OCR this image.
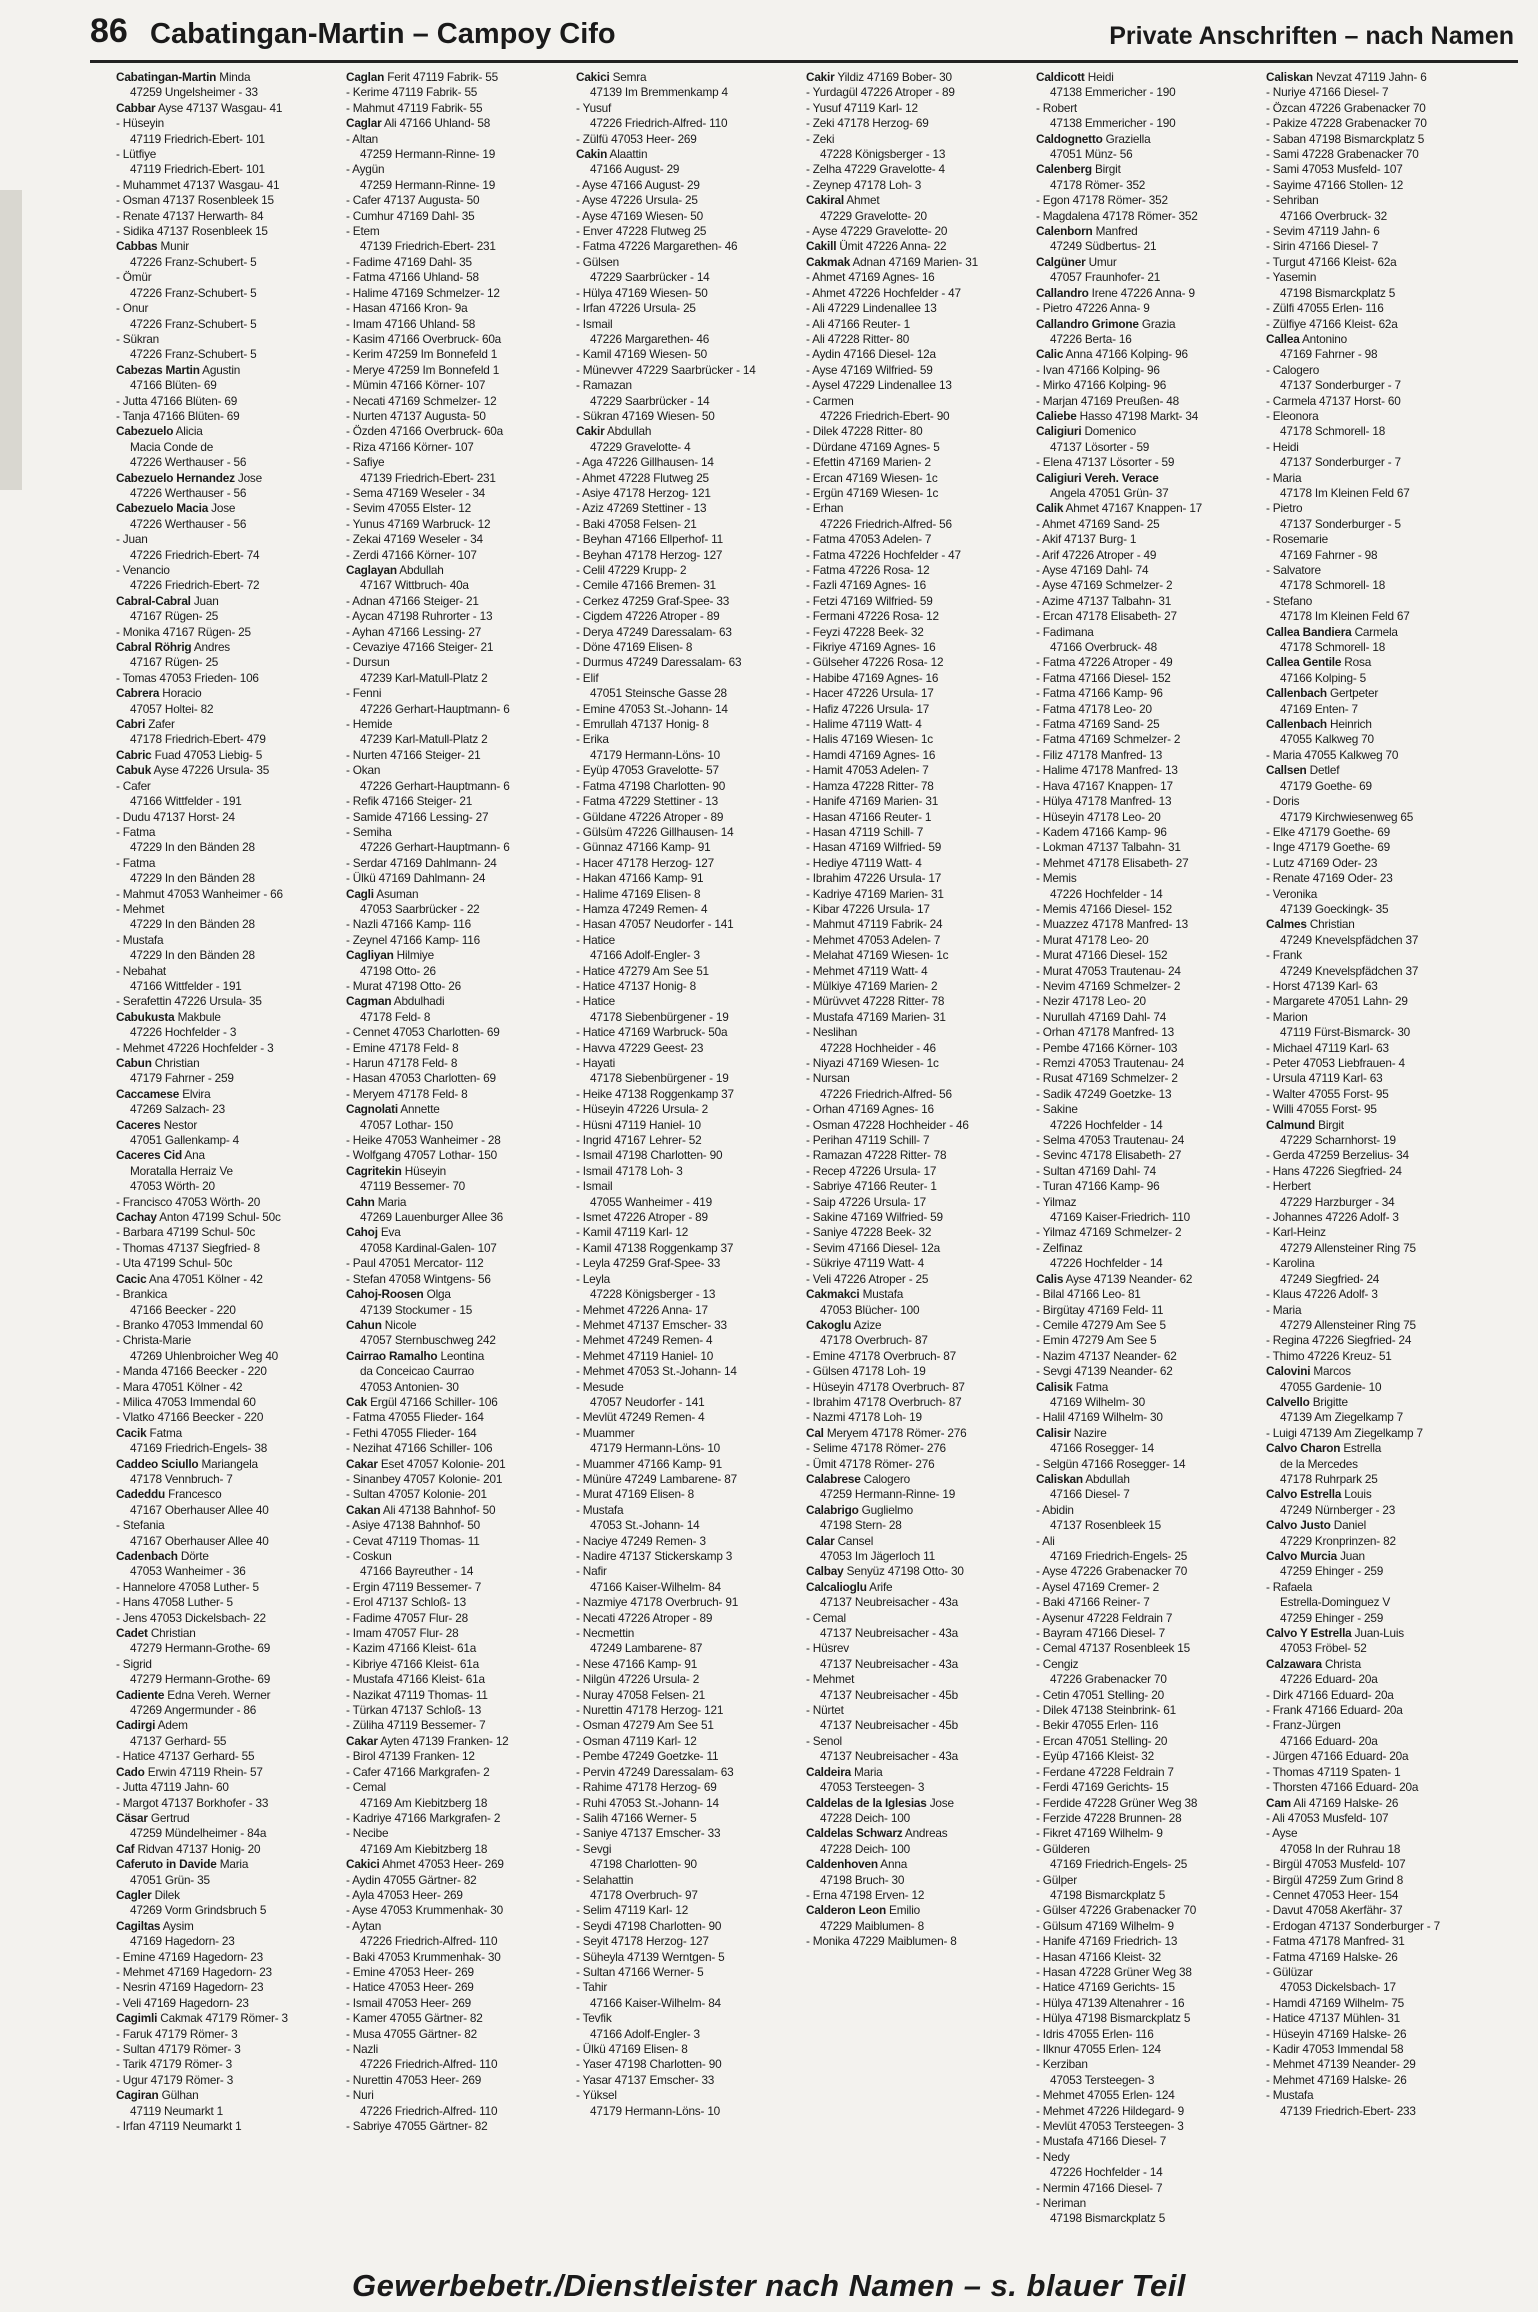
86 Cabatingan-Martin – Campoy Cifo	Private Anschriften – nach Namen
Cabatingan-Martin Minda
47259 Ungelsheimer - 33
Cabbar Ayse 47137 Wasgau- 41
- Hüseyin
47119 Friedrich-Ebert- 101
- Lütfiye
47119 Friedrich-Ebert- 101
- Muhammet 47137 Wasgau- 41
- Osman 47137 Rosenbleek 15
- Renate 47137 Herwarth- 84
- Sidika 47137 Rosenbleek 15
Cabbas Munir
47226 Franz-Schubert- 5
- Ömür
47226 Franz-Schubert- 5
- Onur
47226 Franz-Schubert- 5
- Sükran
47226 Franz-Schubert- 5
Cabezas Martin Agustin
47166 Blüten- 69
- Jutta 47166 Blüten- 69
- Tanja 47166 Blüten- 69
Cabezuelo Alicia
Macia Conde de
47226 Werthauser - 56
Cabezuelo Hernandez Jose
47226 Werthauser - 56
Cabezuelo Macia Jose
47226 Werthauser - 56
- Juan
47226 Friedrich-Ebert- 74
- Venancio
47226 Friedrich-Ebert- 72
Cabral-Cabral Juan
47167 Rügen- 25
- Monika 47167 Rügen- 25
Cabral Röhrig Andres
47167 Rügen- 25
- Tomas 47053 Frieden- 106
Cabrera Horacio
47057 Holtei- 82
Cabri Zafer
47178 Friedrich-Ebert- 479
Cabric Fuad 47053 Liebig- 5
Cabuk Ayse 47226 Ursula- 35
- Cafer
47166 Wittfelder - 191
- Dudu 47137 Horst- 24
- Fatma
47229 In den Bänden 28
- Fatma
47229 In den Bänden 28
- Mahmut 47053 Wanheimer - 66
- Mehmet
47229 In den Bänden 28
- Mustafa
47229 In den Bänden 28
- Nebahat
47166 Wittfelder - 191
- Serafettin 47226 Ursula- 35
Cabukusta Makbule
47226 Hochfelder - 3
- Mehmet 47226 Hochfelder - 3
Cabun Christian
47179 Fahrner - 259
Caccamese Elvira
47269 Salzach- 23
Caceres Nestor
47051 Gallenkamp- 4
Caceres Cid Ana
Moratalla Herraiz Ve
47053 Wörth- 20
- Francisco 47053 Wörth- 20
Cachay Anton 47199 Schul- 50c
- Barbara 47199 Schul- 50c
- Thomas 47137 Siegfried- 8
- Uta 47199 Schul- 50c
Cacic Ana 47051 Kölner - 42
- Brankica
47166 Beecker - 220
- Branko 47053 Immendal 60
- Christa-Marie
47269 Uhlenbroicher Weg 40
- Manda 47166 Beecker - 220
- Mara 47051 Kölner - 42
- Milica 47053 Immendal 60
- Vlatko 47166 Beecker - 220
Cacik Fatma
47169 Friedrich-Engels- 38
Caddeo Sciullo Mariangela
47178 Vennbruch- 7
Cadeddu Francesco
47167 Oberhauser Allee 40
- Stefania
47167 Oberhauser Allee 40
Cadenbach Dörte
47053 Wanheimer - 36
- Hannelore 47058 Luther- 5
- Hans 47058 Luther- 5
- Jens 47053 Dickelsbach- 22
Cadet Christian
47279 Hermann-Grothe- 69
- Sigrid
47279 Hermann-Grothe- 69
Cadiente Edna Vereh. Werner
47269 Angermunder - 86
Cadirgi Adem
47137 Gerhard- 55
- Hatice 47137 Gerhard- 55
Cado Erwin 47119 Rhein- 57
- Jutta 47119 Jahn- 60
- Margot 47137 Borkhofer - 33
Cäsar Gertrud
47259 Mündelheimer - 84a
Caf Ridvan 47137 Honig- 20
Caferuto in Davide Maria
47051 Grün- 35
Cagler Dilek
47269 Vorm Grindsbruch 5
Cagiltas Aysim
47169 Hagedorn- 23
- Emine 47169 Hagedorn- 23
- Mehmet 47169 Hagedorn- 23
- Nesrin 47169 Hagedorn- 23
- Veli 47169 Hagedorn- 23
Cagimli Cakmak 47179 Römer- 3
- Faruk 47179 Römer- 3
- Sultan 47179 Römer- 3
- Tarik 47179 Römer- 3
- Ugur 47179 Römer- 3
Cagiran Gülhan
47119 Neumarkt 1
- Irfan 47119 Neumarkt 1
Caglan Ferit 47119 Fabrik- 55
- Kerime 47119 Fabrik- 55
- Mahmut 47119 Fabrik- 55
Caglar Ali 47166 Uhland- 58
- Altan
47259 Hermann-Rinne- 19
- Aygün
47259 Hermann-Rinne- 19
- Cafer 47137 Augusta- 50
- Cumhur 47169 Dahl- 35
- Etem
47139 Friedrich-Ebert- 231
- Fadime 47169 Dahl- 35
- Fatma 47166 Uhland- 58
- Halime 47169 Schmelzer- 12
- Hasan 47166 Kron- 9a
- Imam 47166 Uhland- 58
- Kasim 47166 Overbruck- 60a
- Kerim 47259 Im Bonnefeld 1
- Merye 47259 Im Bonnefeld 1
- Mümin 47166 Körner- 107
- Necati 47169 Schmelzer- 12
- Nurten 47137 Augusta- 50
- Özden 47166 Overbruck- 60a
- Riza 47166 Körner- 107
- Safiye
47139 Friedrich-Ebert- 231
- Sema 47169 Weseler - 34
- Sevim 47055 Elster- 12
- Yunus 47169 Warbruck- 12
- Zekai 47169 Weseler - 34
- Zerdi 47166 Körner- 107
Caglayan Abdullah
47167 Wittbruch- 40a
- Adnan 47166 Steiger- 21
- Aycan 47198 Ruhrorter - 13
- Ayhan 47166 Lessing- 27
- Cevaziye 47166 Steiger- 21
- Dursun
47239 Karl-Matull-Platz 2
- Fenni
47226 Gerhart-Hauptmann- 6
- Hemide
47239 Karl-Matull-Platz 2
- Nurten 47166 Steiger- 21
- Okan
47226 Gerhart-Hauptmann- 6
- Refik 47166 Steiger- 21
- Samide 47166 Lessing- 27
- Semiha
47226 Gerhart-Hauptmann- 6
- Serdar 47169 Dahlmann- 24
- Ülkü 47169 Dahlmann- 24
Cagli Asuman
47053 Saarbrücker - 22
- Nazli 47166 Kamp- 116
- Zeynel 47166 Kamp- 116
Cagliyan Hilmiye
47198 Otto- 26
- Murat 47198 Otto- 26
Cagman Abdulhadi
47178 Feld- 8
- Cennet 47053 Charlotten- 69
- Emine 47178 Feld- 8
- Harun 47178 Feld- 8
- Hasan 47053 Charlotten- 69
- Meryem 47178 Feld- 8
Cagnolati Annette
47057 Lothar- 150
- Heike 47053 Wanheimer - 28
- Wolfgang 47057 Lothar- 150
Cagritekin Hüseyin
47119 Bessemer- 70
Cahn Maria
47269 Lauenburger Allee 36
Cahoj Eva
47058 Kardinal-Galen- 107
- Paul 47051 Mercator- 112
- Stefan 47058 Wintgens- 56
Cahoj-Roosen Olga
47139 Stockumer - 15
Cahun Nicole
47057 Sternbuschweg 242
Cairrao Ramalho Leontina
da Conceicao Caurrao
47053 Antonien- 30
Cak Ergül 47166 Schiller- 106
- Fatma 47055 Flieder- 164
- Fethi 47055 Flieder- 164
- Nezihat 47166 Schiller- 106
Cakar Eset 47057 Kolonie- 201
- Sinanbey 47057 Kolonie- 201
- Sultan 47057 Kolonie- 201
Cakan Ali 47138 Bahnhof- 50
- Asiye 47138 Bahnhof- 50
- Cevat 47119 Thomas- 11
- Coskun
47166 Bayreuther - 14
- Ergin 47119 Bessemer- 7
- Erol 47137 Schloß- 13
- Fadime 47057 Flur- 28
- Imam 47057 Flur- 28
- Kazim 47166 Kleist- 61a
- Kibriye 47166 Kleist- 61a
- Mustafa 47166 Kleist- 61a
- Nazikat 47119 Thomas- 11
- Türkan 47137 Schloß- 13
- Züliha 47119 Bessemer- 7
Cakar Ayten 47139 Franken- 12
- Birol 47139 Franken- 12
- Cafer 47166 Markgrafen- 2
- Cemal
47169 Am Kiebitzberg 18
- Kadriye 47166 Markgrafen- 2
- Necibe
47169 Am Kiebitzberg 18
Cakici Ahmet 47053 Heer- 269
- Aydin 47055 Gärtner- 82
- Ayla 47053 Heer- 269
- Ayse 47053 Krummenhak- 30
- Aytan
47226 Friedrich-Alfred- 110
- Baki 47053 Krummenhak- 30
- Emine 47053 Heer- 269
- Hatice 47053 Heer- 269
- Ismail 47053 Heer- 269
- Kamer 47055 Gärtner- 82
- Musa 47055 Gärtner- 82
- Nazli
47226 Friedrich-Alfred- 110
- Nurettin 47053 Heer- 269
- Nuri
47226 Friedrich-Alfred- 110
- Sabriye 47055 Gärtner- 82
Cakici Semra
47139 Im Bremmenkamp 4
- Yusuf
47226 Friedrich-Alfred- 110
- Zülfü 47053 Heer- 269
Cakin Alaattin
47166 August- 29
- Ayse 47166 August- 29
- Ayse 47226 Ursula- 25
- Ayse 47169 Wiesen- 50
- Enver 47228 Flutweg 25
- Fatma 47226 Margarethen- 46
- Gülsen
47229 Saarbrücker - 14
- Hülya 47169 Wiesen- 50
- Irfan 47226 Ursula- 25
- Ismail
47226 Margarethen- 46
- Kamil 47169 Wiesen- 50
- Münevver 47229 Saarbrücker - 14
- Ramazan
47229 Saarbrücker - 14
- Sükran 47169 Wiesen- 50
Cakir Abdullah
47229 Gravelotte- 4
- Aga 47226 Gillhausen- 14
- Ahmet 47228 Flutweg 25
- Asiye 47178 Herzog- 121
- Aziz 47269 Stettiner - 13
- Baki 47058 Felsen- 21
- Beyhan 47166 Ellperhof- 11
- Beyhan 47178 Herzog- 127
- Celil 47229 Krupp- 2
- Cemile 47166 Bremen- 31
- Cerkez 47259 Graf-Spee- 33
- Cigdem 47226 Atroper - 89
- Derya 47249 Daressalam- 63
- Döne 47169 Elisen- 8
- Durmus 47249 Daressalam- 63
- Elif
47051 Steinsche Gasse 28
- Emine 47053 St.-Johann- 14
- Emrullah 47137 Honig- 8
- Erika
47179 Hermann-Löns- 10
- Eyüp 47053 Gravelotte- 57
- Fatma 47198 Charlotten- 90
- Fatma 47229 Stettiner - 13
- Güldane 47226 Atroper - 89
- Gülsüm 47226 Gillhausen- 14
- Günnaz 47166 Kamp- 91
- Hacer 47178 Herzog- 127
- Hakan 47166 Kamp- 91
- Halime 47169 Elisen- 8
- Hamza 47249 Remen- 4
- Hasan 47057 Neudorfer - 141
- Hatice
47166 Adolf-Engler- 3
- Hatice 47279 Am See 51
- Hatice 47137 Honig- 8
- Hatice
47178 Siebenbürgener - 19
- Hatice 47169 Warbruck- 50a
- Havva 47229 Geest- 23
- Hayati
47178 Siebenbürgener - 19
- Heike 47138 Roggenkamp 37
- Hüseyin 47226 Ursula- 2
- Hüsni 47119 Haniel- 10
- Ingrid 47167 Lehrer- 52
- Ismail 47198 Charlotten- 90
- Ismail 47178 Loh- 3
- Ismail
47055 Wanheimer - 419
- Ismet 47226 Atroper - 89
- Kamil 47119 Karl- 12
- Kamil 47138 Roggenkamp 37
- Leyla 47259 Graf-Spee- 33
- Leyla
47228 Königsberger - 13
- Mehmet 47226 Anna- 17
- Mehmet 47137 Emscher- 33
- Mehmet 47249 Remen- 4
- Mehmet 47119 Haniel- 10
- Mehmet 47053 St.-Johann- 14
- Mesude
47057 Neudorfer - 141
- Mevlüt 47249 Remen- 4
- Muammer
47179 Hermann-Löns- 10
- Muammer 47166 Kamp- 91
- Münüre 47249 Lambarene- 87
- Murat 47169 Elisen- 8
- Mustafa
47053 St.-Johann- 14
- Naciye 47249 Remen- 3
- Nadire 47137 Stickerskamp 3
- Nafir
47166 Kaiser-Wilhelm- 84
- Nazmiye 47178 Overbruch- 91
- Necati 47226 Atroper - 89
- Necmettin
47249 Lambarene- 87
- Nese 47166 Kamp- 91
- Nilgün 47226 Ursula- 2
- Nuray 47058 Felsen- 21
- Nurettin 47178 Herzog- 121
- Osman 47279 Am See 51
- Osman 47119 Karl- 12
- Pembe 47249 Goetzke- 11
- Pervin 47249 Daressalam- 63
- Rahime 47178 Herzog- 69
- Ruhi 47053 St.-Johann- 14
- Salih 47166 Werner- 5
- Saniye 47137 Emscher- 33
- Sevgi
47198 Charlotten- 90
- Selahattin
47178 Overbruch- 97
- Selim 47119 Karl- 12
- Seydi 47198 Charlotten- 90
- Seyit 47178 Herzog- 127
- Süheyla 47139 Werntgen- 5
- Sultan 47166 Werner- 5
- Tahir
47166 Kaiser-Wilhelm- 84
- Tevfik
47166 Adolf-Engler- 3
- Ülkü 47169 Elisen- 8
- Yaser 47198 Charlotten- 90
- Yasar 47137 Emscher- 33
- Yüksel
47179 Hermann-Löns- 10
Cakir Yildiz 47169 Bober- 30
- Yurdagül 47226 Atroper - 89
- Yusuf 47119 Karl- 12
- Zeki 47178 Herzog- 69
- Zeki
47228 Königsberger - 13
- Zelha 47229 Gravelotte- 4
- Zeynep 47178 Loh- 3
Cakiral Ahmet
47229 Gravelotte- 20
- Ayse 47229 Gravelotte- 20
Cakill Ümit 47226 Anna- 22
Cakmak Adnan 47169 Marien- 31
- Ahmet 47169 Agnes- 16
- Ahmet 47226 Hochfelder - 47
- Ali 47229 Lindenallee 13
- Ali 47166 Reuter- 1
- Ali 47228 Ritter- 80
- Aydin 47166 Diesel- 12a
- Ayse 47169 Wilfried- 59
- Aysel 47229 Lindenallee 13
- Carmen
47226 Friedrich-Ebert- 90
- Dilek 47228 Ritter- 80
- Dürdane 47169 Agnes- 5
- Efettin 47169 Marien- 2
- Ercan 47169 Wiesen- 1c
- Ergün 47169 Wiesen- 1c
- Erhan
47226 Friedrich-Alfred- 56
- Fatma 47053 Adelen- 7
- Fatma 47226 Hochfelder - 47
- Fatma 47226 Rosa- 12
- Fazli 47169 Agnes- 16
- Fetzi 47169 Wilfried- 59
- Fermani 47226 Rosa- 12
- Feyzi 47228 Beek- 32
- Fikriye 47169 Agnes- 16
- Gülseher 47226 Rosa- 12
- Habibe 47169 Agnes- 16
- Hacer 47226 Ursula- 17
- Hafiz 47226 Ursula- 17
- Halime 47119 Watt- 4
- Halis 47169 Wiesen- 1c
- Hamdi 47169 Agnes- 16
- Hamit 47053 Adelen- 7
- Hamza 47228 Ritter- 78
- Hanife 47169 Marien- 31
- Hasan 47166 Reuter- 1
- Hasan 47119 Schill- 7
- Hasan 47169 Wilfried- 59
- Hediye 47119 Watt- 4
- Ibrahim 47226 Ursula- 17
- Kadriye 47169 Marien- 31
- Kibar 47226 Ursula- 17
- Mahmut 47119 Fabrik- 24
- Mehmet 47053 Adelen- 7
- Melahat 47169 Wiesen- 1c
- Mehmet 47119 Watt- 4
- Mülkiye 47169 Marien- 2
- Mürüvvet 47228 Ritter- 78
- Mustafa 47169 Marien- 31
- Neslihan
47228 Hochheider - 46
- Niyazi 47169 Wiesen- 1c
- Nursan
47226 Friedrich-Alfred- 56
- Orhan 47169 Agnes- 16
- Osman 47228 Hochheider - 46
- Perihan 47119 Schill- 7
- Ramazan 47228 Ritter- 78
- Recep 47226 Ursula- 17
- Sabriye 47166 Reuter- 1
- Saip 47226 Ursula- 17
- Sakine 47169 Wilfried- 59
- Saniye 47228 Beek- 32
- Sevim 47166 Diesel- 12a
- Sükriye 47119 Watt- 4
- Veli 47226 Atroper - 25
Cakmakci Mustafa
47053 Blücher- 100
Cakoglu Azize
47178 Overbruch- 87
- Emine 47178 Overbruch- 87
- Gülsen 47178 Loh- 19
- Hüseyin 47178 Overbruch- 87
- Ibrahim 47178 Overbruch- 87
- Nazmi 47178 Loh- 19
Cal Meryem 47178 Römer- 276
- Selime 47178 Römer- 276
- Ümit 47178 Römer- 276
Calabrese Calogero
47259 Hermann-Rinne- 19
Calabrigo Guglielmo
47198 Stern- 28
Calar Cansel
47053 Im Jägerloch 11
Calbay Senyüz 47198 Otto- 30
Calcalioglu Arife
47137 Neubreisacher - 43a
- Cemal
47137 Neubreisacher - 43a
- Hüsrev
47137 Neubreisacher - 43a
- Mehmet
47137 Neubreisacher - 45b
- Nürtet
47137 Neubreisacher - 45b
- Senol
47137 Neubreisacher - 43a
Caldeira Maria
47053 Tersteegen- 3
Caldelas de la Iglesias Jose
47228 Deich- 100
Caldelas Schwarz Andreas
47228 Deich- 100
Caldenhoven Anna
47198 Bruch- 30
- Erna 47198 Erven- 12
Calderon Leon Emilio
47229 Maiblumen- 8
- Monika 47229 Maiblumen- 8
Caldicott Heidi
47138 Emmericher - 190
- Robert
47138 Emmericher - 190
Caldognetto Graziella
47051 Münz- 56
Calenberg Birgit
47178 Römer- 352
- Egon 47178 Römer- 352
- Magdalena 47178 Römer- 352
Calenborn Manfred
47249 Südbertus- 21
Calgüner Umur
47057 Fraunhofer- 21
Callandro Irene 47226 Anna- 9
- Pietro 47226 Anna- 9
Callandro Grimone Grazia
47226 Berta- 16
Calic Anna 47166 Kolping- 96
- Ivan 47166 Kolping- 96
- Mirko 47166 Kolping- 96
- Marjan 47169 Preußen- 48
Caliebe Hasso 47198 Markt- 34
Caligiuri Domenico
47137 Lösorter - 59
- Elena 47137 Lösorter - 59
Caligiuri Vereh. Verace
Angela 47051 Grün- 37
Calik Ahmet 47167 Knappen- 17
- Ahmet 47169 Sand- 25
- Akif 47137 Burg- 1
- Arif 47226 Atroper - 49
- Ayse 47169 Dahl- 74
- Ayse 47169 Schmelzer- 2
- Azime 47137 Talbahn- 31
- Ercan 47178 Elisabeth- 27
- Fadimana
47166 Overbruck- 48
- Fatma 47226 Atroper - 49
- Fatma 47166 Diesel- 152
- Fatma 47166 Kamp- 96
- Fatma 47178 Leo- 20
- Fatma 47169 Sand- 25
- Fatma 47169 Schmelzer- 2
- Filiz 47178 Manfred- 13
- Halime 47178 Manfred- 13
- Hava 47167 Knappen- 17
- Hülya 47178 Manfred- 13
- Hüseyin 47178 Leo- 20
- Kadem 47166 Kamp- 96
- Lokman 47137 Talbahn- 31
- Mehmet 47178 Elisabeth- 27
- Memis
47226 Hochfelder - 14
- Memis 47166 Diesel- 152
- Muazzez 47178 Manfred- 13
- Murat 47178 Leo- 20
- Murat 47166 Diesel- 152
- Murat 47053 Trautenau- 24
- Nevim 47169 Schmelzer- 2
- Nezir 47178 Leo- 20
- Nurullah 47169 Dahl- 74
- Orhan 47178 Manfred- 13
- Pembe 47166 Körner- 103
- Remzi 47053 Trautenau- 24
- Rusat 47169 Schmelzer- 2
- Sadik 47249 Goetzke- 13
- Sakine
47226 Hochfelder - 14
- Selma 47053 Trautenau- 24
- Sevinc 47178 Elisabeth- 27
- Sultan 47169 Dahl- 74
- Turan 47166 Kamp- 96
- Yilmaz
47169 Kaiser-Friedrich- 110
- Yilmaz 47169 Schmelzer- 2
- Zelfinaz
47226 Hochfelder - 14
Calis Ayse 47139 Neander- 62
- Bilal 47166 Leo- 81
- Birgütay 47169 Feld- 11
- Cemile 47279 Am See 5
- Emin 47279 Am See 5
- Nazim 47137 Neander- 62
- Sevgi 47139 Neander- 62
Calisik Fatma
47169 Wilhelm- 30
- Halil 47169 Wilhelm- 30
Calisir Nazire
47166 Rosegger- 14
- Selgün 47166 Rosegger- 14
Caliskan Abdullah
47166 Diesel- 7
- Abidin
47137 Rosenbleek 15
- Ali
47169 Friedrich-Engels- 25
- Ayse 47226 Grabenacker 70
- Aysel 47169 Cremer- 2
- Baki 47166 Reiner- 7
- Aysenur 47228 Feldrain 7
- Bayram 47166 Diesel- 7
- Cemal 47137 Rosenbleek 15
- Cengiz
47226 Grabenacker 70
- Cetin 47051 Stelling- 20
- Dilek 47138 Steinbrink- 61
- Bekir 47055 Erlen- 116
- Ercan 47051 Stelling- 20
- Eyüp 47166 Kleist- 32
- Ferdane 47228 Feldrain 7
- Ferdi 47169 Gerichts- 15
- Ferdide 47228 Grüner Weg 38
- Ferzide 47228 Brunnen- 28
- Fikret 47169 Wilhelm- 9
- Gülderen
47169 Friedrich-Engels- 25
- Gülper
47198 Bismarckplatz 5
- Gülser 47226 Grabenacker 70
- Gülsum 47169 Wilhelm- 9
- Hanife 47169 Friedrich- 13
- Hasan 47166 Kleist- 32
- Hasan 47228 Grüner Weg 38
- Hatice 47169 Gerichts- 15
- Hülya 47139 Altenahrer - 16
- Hülya 47198 Bismarckplatz 5
- Idris 47055 Erlen- 116
- Ilknur 47055 Erlen- 124
- Kerziban
47053 Tersteegen- 3
- Mehmet 47055 Erlen- 124
- Mehmet 47226 Hildegard- 9
- Mevlüt 47053 Tersteegen- 3
- Mustafa 47166 Diesel- 7
- Nedy
47226 Hochfelder - 14
- Nermin 47166 Diesel- 7
- Neriman
47198 Bismarckplatz 5
Caliskan Nevzat 47119 Jahn- 6
- Nuriye 47166 Diesel- 7
- Özcan 47226 Grabenacker 70
- Pakize 47228 Grabenacker 70
- Saban 47198 Bismarckplatz 5
- Sami 47228 Grabenacker 70
- Sami 47053 Musfeld- 107
- Sayime 47166 Stollen- 12
- Sehriban
47166 Overbruck- 32
- Sevim 47119 Jahn- 6
- Sirin 47166 Diesel- 7
- Turgut 47166 Kleist- 62a
- Yasemin
47198 Bismarckplatz 5
- Zülfi 47055 Erlen- 116
- Zülfiye 47166 Kleist- 62a
Callea Antonino
47169 Fahrner - 98
- Calogero
47137 Sonderburger - 7
- Carmela 47137 Horst- 60
- Eleonora
47178 Schmorell- 18
- Heidi
47137 Sonderburger - 7
- Maria
47178 Im Kleinen Feld 67
- Pietro
47137 Sonderburger - 5
- Rosemarie
47169 Fahrner - 98
- Salvatore
47178 Schmorell- 18
- Stefano
47178 Im Kleinen Feld 67
Callea Bandiera Carmela
47178 Schmorell- 18
Callea Gentile Rosa
47166 Kolping- 5
Callenbach Gertpeter
47169 Enten- 7
Callenbach Heinrich
47055 Kalkweg 70
- Maria 47055 Kalkweg 70
Callsen Detlef
47179 Goethe- 69
- Doris
47179 Kirchwiesenweg 65
- Elke 47179 Goethe- 69
- Inge 47179 Goethe- 69
- Lutz 47169 Oder- 23
- Renate 47169 Oder- 23
- Veronika
47139 Goeckingk- 35
Calmes Christian
47249 Knevelspfädchen 37
- Frank
47249 Knevelspfädchen 37
- Horst 47139 Karl- 63
- Margarete 47051 Lahn- 29
- Marion
47119 Fürst-Bismarck- 30
- Michael 47119 Karl- 63
- Peter 47053 Liebfrauen- 4
- Ursula 47119 Karl- 63
- Walter 47055 Forst- 95
- Willi 47055 Forst- 95
Calmund Birgit
47229 Scharnhorst- 19
- Gerda 47259 Berzelius- 34
- Hans 47226 Siegfried- 24
- Herbert
47229 Harzburger - 34
- Johannes 47226 Adolf- 3
- Karl-Heinz
47279 Allensteiner Ring 75
- Karolina
47249 Siegfried- 24
- Klaus 47226 Adolf- 3
- Maria
47279 Allensteiner Ring 75
- Regina 47226 Siegfried- 24
- Thimo 47226 Kreuz- 51
Calovini Marcos
47055 Gardenie- 10
Calvello Brigitte
47139 Am Ziegelkamp 7
- Luigi 47139 Am Ziegelkamp 7
Calvo Charon Estrella
de la Mercedes
47178 Ruhrpark 25
Calvo Estrella Louis
47249 Nürnberger - 23
Calvo Justo Daniel
47229 Kronprinzen- 82
Calvo Murcia Juan
47259 Ehinger - 259
- Rafaela
Estrella-Dominguez V
47259 Ehinger - 259
Calvo Y Estrella Juan-Luis
47053 Fröbel- 52
Calzawara Christa
47226 Eduard- 20a
- Dirk 47166 Eduard- 20a
- Frank 47166 Eduard- 20a
- Franz-Jürgen
47166 Eduard- 20a
- Jürgen 47166 Eduard- 20a
- Thomas 47119 Spaten- 1
- Thorsten 47166 Eduard- 20a
Cam Ali 47169 Halske- 26
- Ali 47053 Musfeld- 107
- Ayse
47058 In der Ruhrau 18
- Birgül 47053 Musfeld- 107
- Birgül 47259 Zum Grind 8
- Cennet 47053 Heer- 154
- Davut 47058 Akerfähr- 37
- Erdogan 47137 Sonderburger - 7
- Fatma 47178 Manfred- 31
- Fatma 47169 Halske- 26
- Gülüzar
47053 Dickelsbach- 17
- Hamdi 47169 Wilhelm- 75
- Hatice 47137 Mühlen- 31
- Hüseyin 47169 Halske- 26
- Kadir 47053 Immendal 58
- Mehmet 47139 Neander- 29
- Mehmet 47169 Halske- 26
- Mustafa
47139 Friedrich-Ebert- 233
Gewerbebetr./Dienstleister nach Namen – s. blauer Teil
